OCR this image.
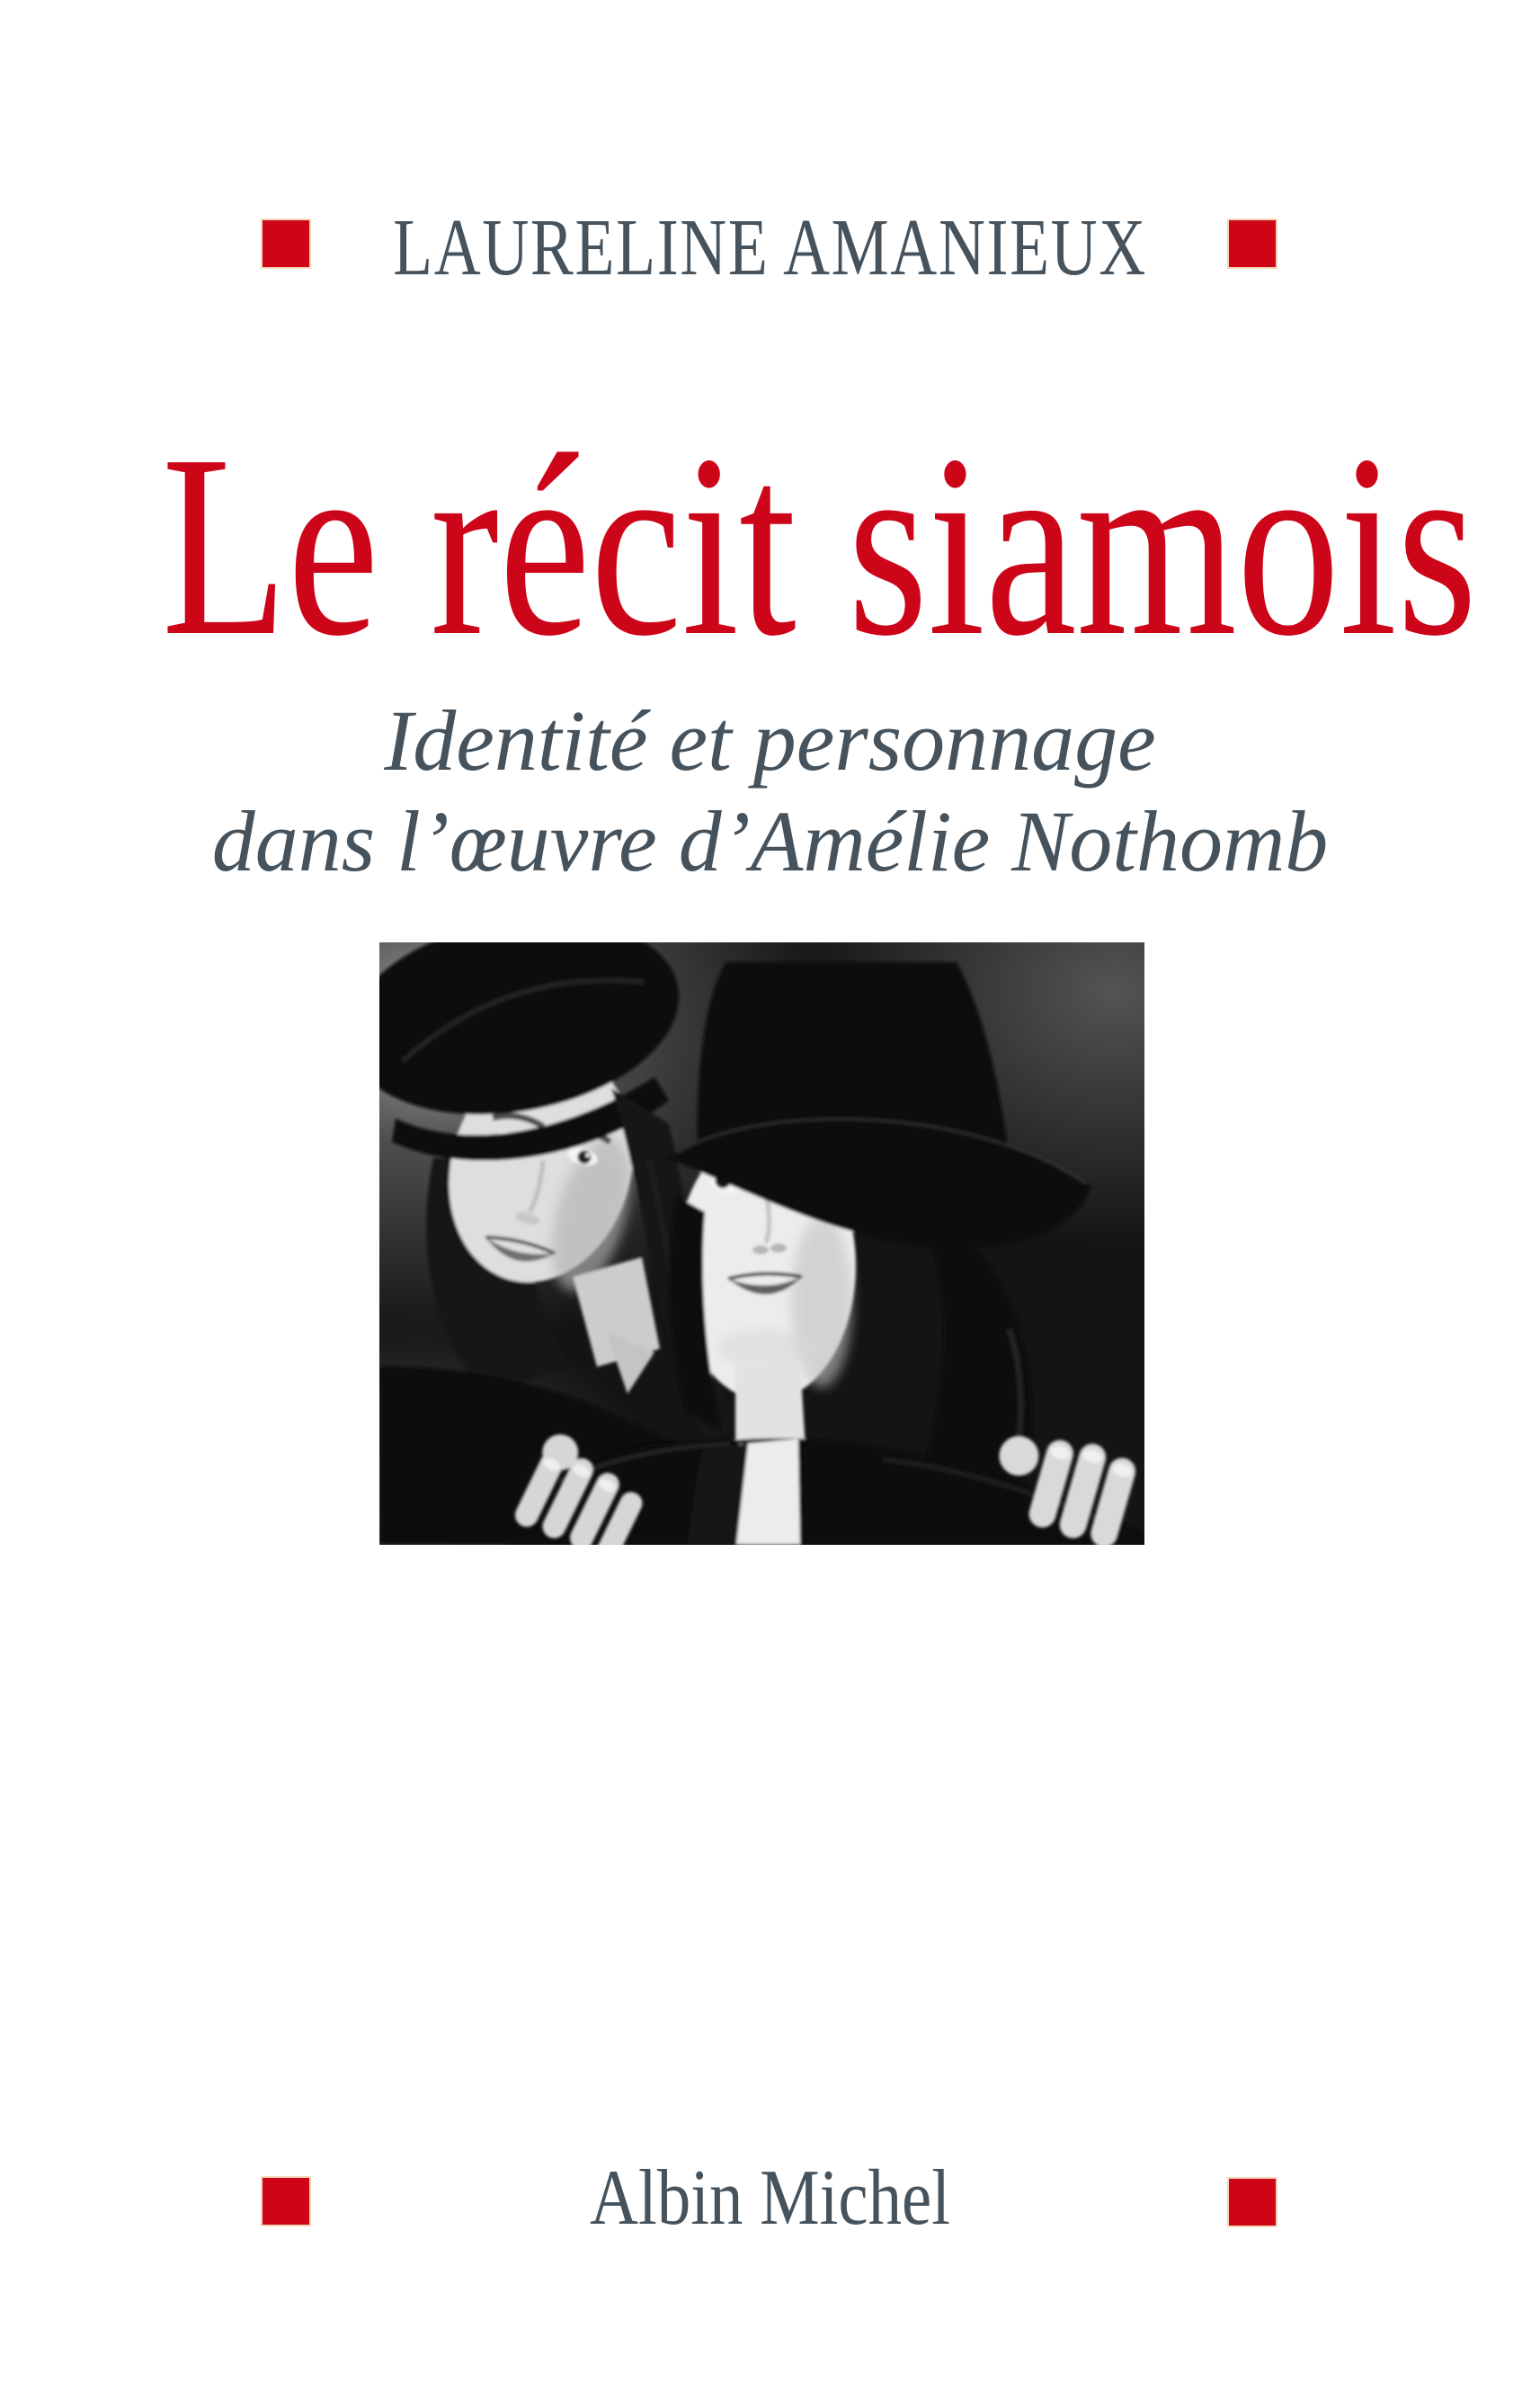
LAURELINE AMANIEUX
Le récit siamois
Identité et personnage
dans l’œuvre d’Amélie Nothomb
Albin Michel
